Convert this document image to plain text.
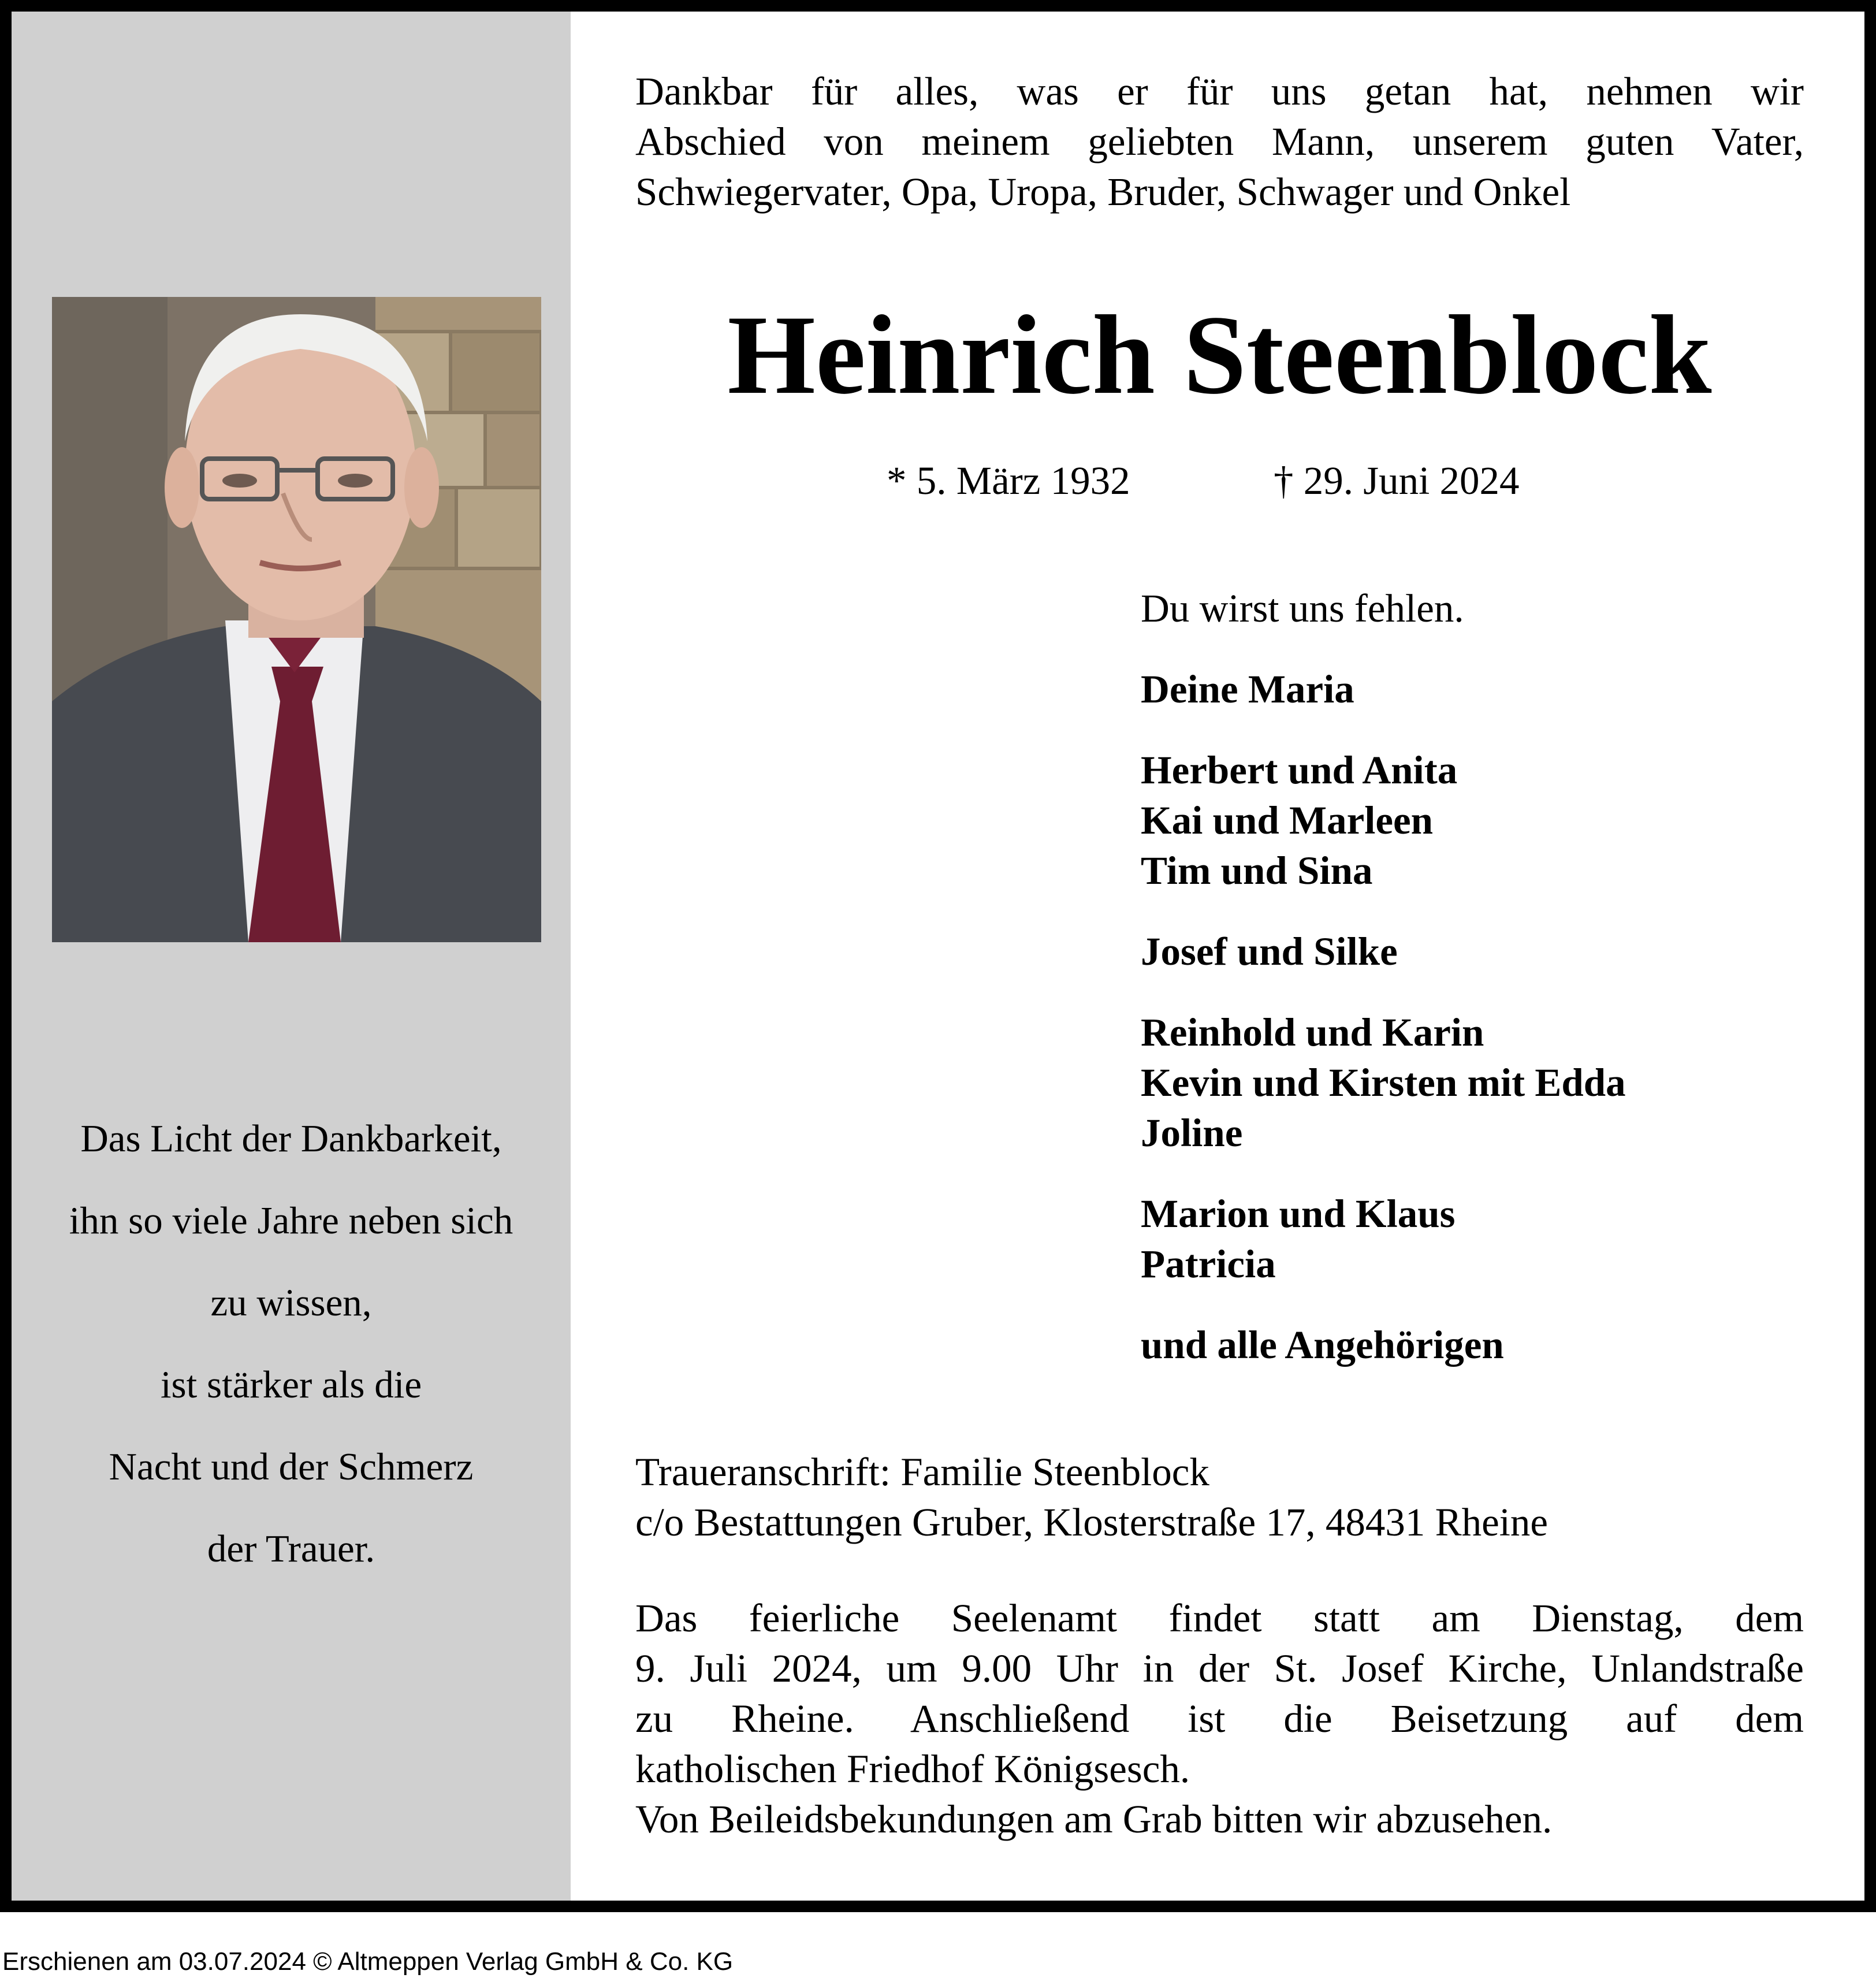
Das Licht der Dankbarkeit,
ihn so viele Jahre neben sich
zu wissen,
ist stärker als die
Nacht und der Schmerz
der Trauer.
Dankbar für alles, was er für uns getan hat, nehmen wir
Abschied von meinem geliebten Mann, unserem guten Vater,
Schwiegervater, Opa, Uropa, Bruder, Schwager und Onkel
Heinrich Steenblock
* 5. März 1932	† 29. Juni 2024
Du wirst uns fehlen.
Deine Maria
Herbert und Anita
Kai und Marleen
Tim und Sina
Josef und Silke
Reinhold und Karin
Kevin und Kirsten mit Edda
Joline
Marion und Klaus
Patricia
und alle Angehörigen
Traueranschrift: Familie Steenblock
c/o Bestattungen Gruber, Klosterstraße 17, 48431 Rheine
Das feierliche Seelenamt findet statt am Dienstag, dem
9. Juli 2024, um 9.00 Uhr in der St. Josef Kirche, Unlandstraße
zu Rheine. Anschließend ist die Beisetzung auf dem
katholischen Friedhof Königsesch.
Von Beileidsbekundungen am Grab bitten wir abzusehen.
Erschienen am 03.07.2024 © Altmeppen Verlag GmbH & Co. KG
